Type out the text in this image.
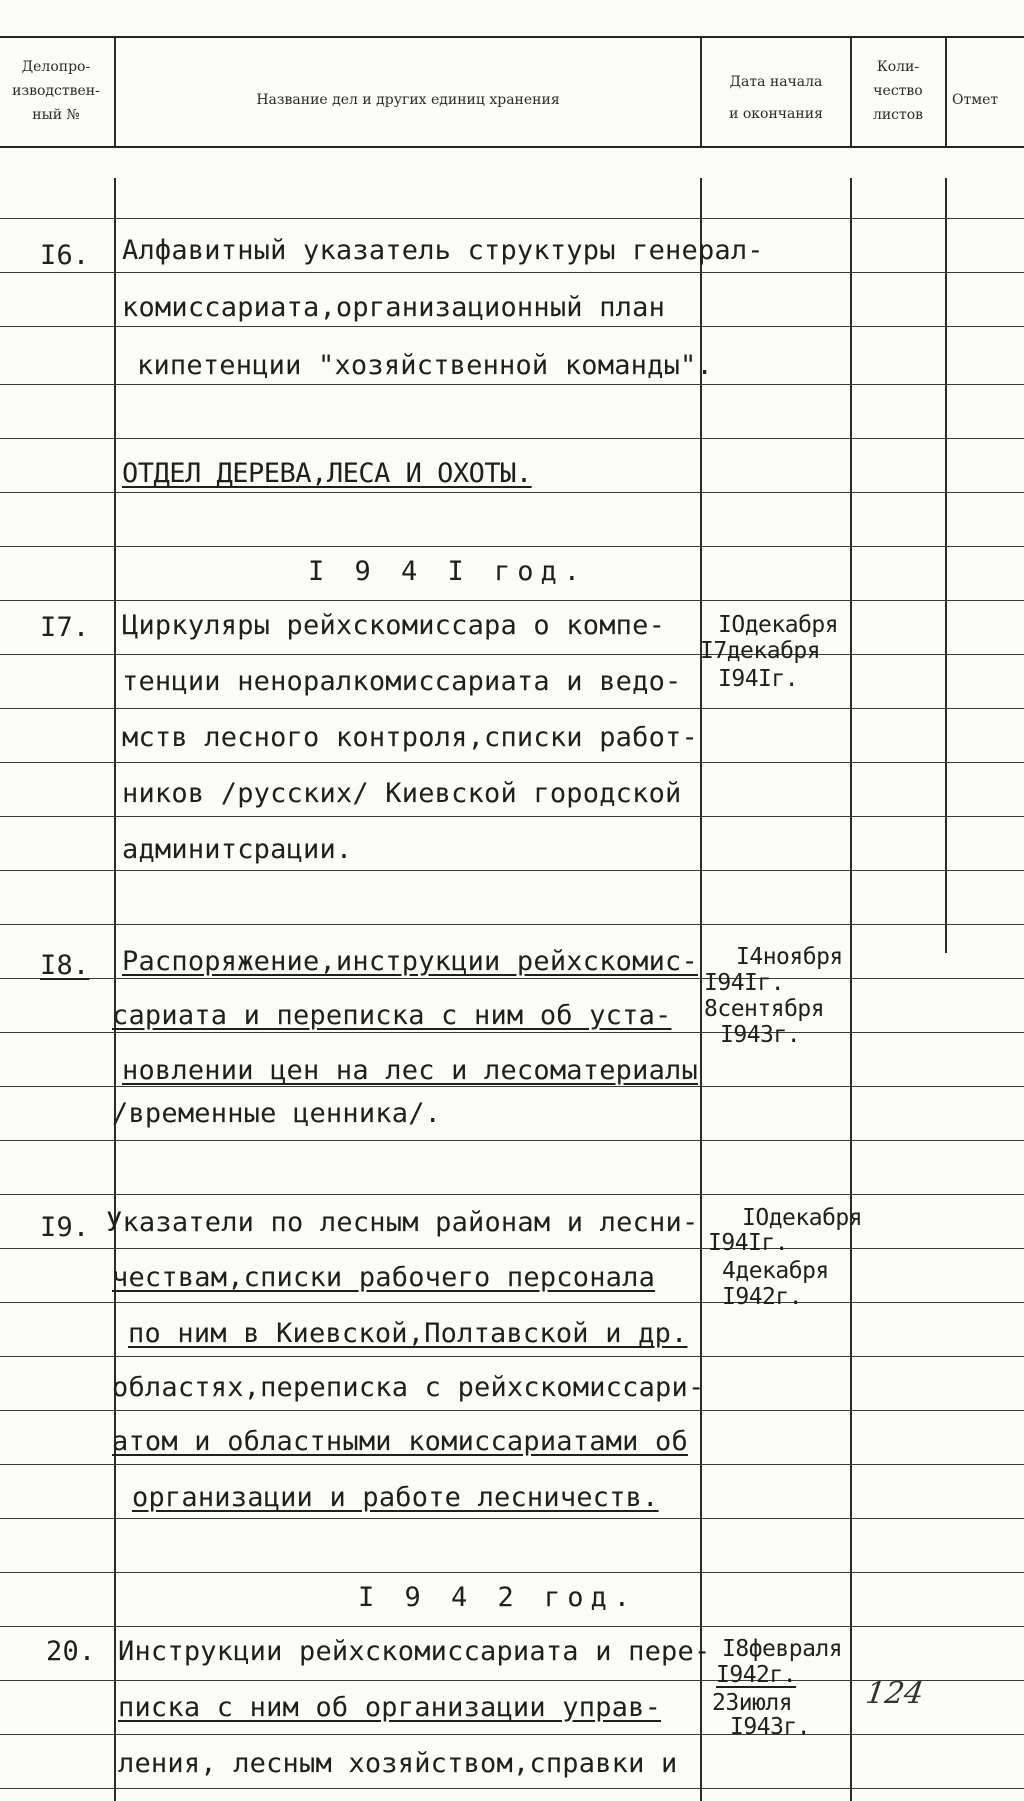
Делопро-
изводствен-
ный №
Название дел и других единиц хранения
Дата начала
и окончания
Коли-
чество
листов
Отмет
I6. Алфавитный указатель структуры генерал-
комиссариата,организационный план
кипетенции "хозяйственной команды".
ОТДЕЛ ДЕРЕВА,ЛЕСА И ОХОТЫ.
I 9 4 I год.
I7. Циркуляры рейхскомиссара о компе-
тенции неноралкомиссариата и ведо-
мств лесного контроля,списки работ-
ников /русских/ Киевской городской
админитсрации.
IОдекабря
I7декабря
I94Iг.
I8. Распоряжение,инструкции рейхскомис-
сариата и переписка с ним об уста-
новлении цен на лес и лесоматериалы
/временные ценника/.
I4ноября
I94Iг.
8сентября
I943г.
I9. Указатели по лесным районам и лесни-
чествам,списки рабочего персонала
по ним в Киевской,Полтавской и др.
областях,переписка с рейхскомиссари-
атом и областными комиссариатами об
организации и работе лесничеств.
IОдекабря
I94Iг.
4декабря
I942г.
I 9 4 2 год.
20. Инструкции рейхскомиссариата и пере-
писка с ним об организации управ-
ления, лесным хозяйством,справки и
I8февраля
I942г.
23июля
I943г.
124
